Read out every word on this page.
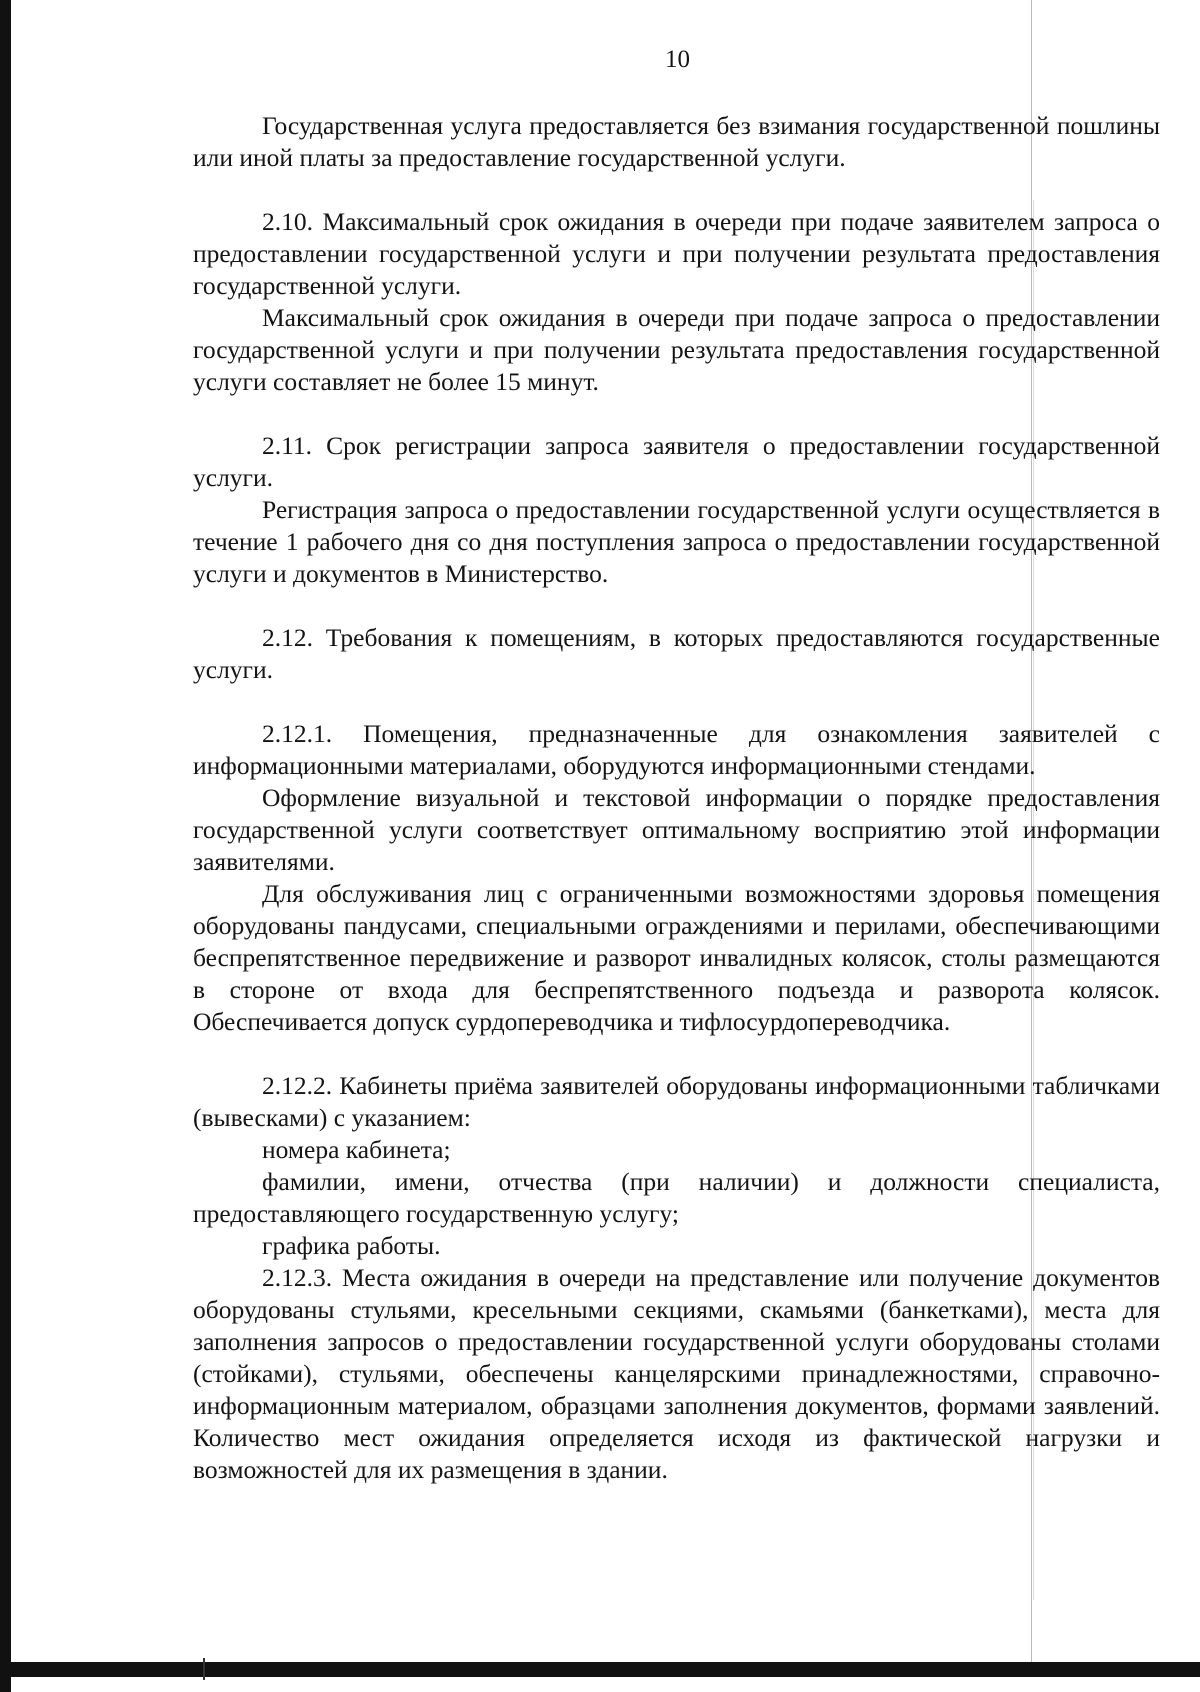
10

Государственная услуга предоставляется без взимания государственной пошлины или иной платы за предоставление государственной услуги.

2.10. Максимальный срок ожидания в очереди при подаче заявителем запроса о предоставлении государственной услуги и при получении результата предоставления государственной услуги.

Максимальный срок ожидания в очереди при подаче запроса о предоставлении государственной услуги и при получении результата предоставления государственной услуги составляет не более 15 минут.

2.11. Срок регистрации запроса заявителя о предоставлении государственной услуги.

Регистрация запроса о предоставлении государственной услуги осуществляется в течение 1 рабочего дня со дня поступления запроса о предоставлении государственной услуги и документов в Министерство.

2.12. Требования к помещениям, в которых предоставляются государственные услуги.

2.12.1. Помещения, предназначенные для ознакомления заявителей с информационными материалами, оборудуются информационными стендами.

Оформление визуальной и текстовой информации о порядке предоставления государственной услуги соответствует оптимальному восприятию этой информации заявителями.

Для обслуживания лиц с ограниченными возможностями здоровья помещения оборудованы пандусами, специальными ограждениями и перилами, обеспечивающими беспрепятственное передвижение и разворот инвалидных колясок, столы размещаются в стороне от входа для беспрепятственного подъезда и разворота колясок. Обеспечивается допуск сурдопереводчика и тифлосурдопереводчика.

2.12.2. Кабинеты приёма заявителей оборудованы информационными табличками (вывесками) с указанием:

номера кабинета;

фамилии, имени, отчества (при наличии) и должности специалиста, предоставляющего государственную услугу;

графика работы.

2.12.3. Места ожидания в очереди на представление или получение документов оборудованы стульями, кресельными секциями, скамьями (банкетками), места для заполнения запросов о предоставлении государственной услуги оборудованы столами (стойками), стульями, обеспечены канцелярскими принадлежностями, справочно-информационным материалом, образцами заполнения документов, формами заявлений. Количество мест ожидания определяется исходя из фактической нагрузки и возможностей для их размещения в здании.
